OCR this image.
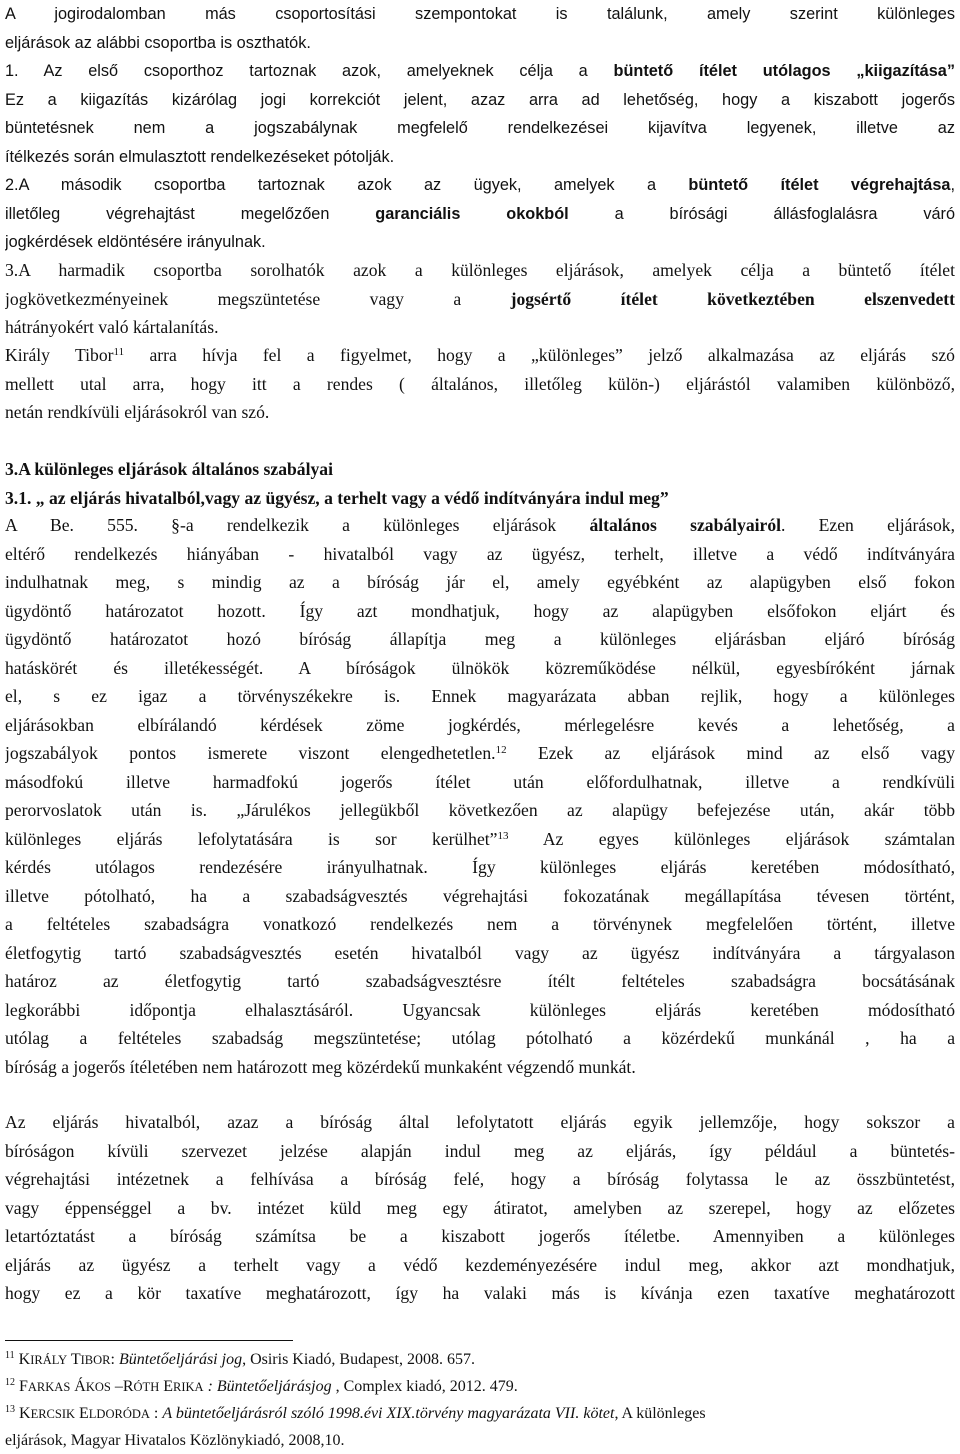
A jogirodalomban más csoportosítási szempontokat is találunk, amely szerint különleges
eljárások az alábbi csoportba is oszthatók.
1. Az első csoporthoz tartoznak azok, amelyeknek célja a büntető ítélet utólagos „kiigazítása”
Ez a kiigazítás kizárólag jogi korrekciót jelent, azaz arra ad lehetőség, hogy a kiszabott jogerős
büntetésnek nem a jogszabálynak megfelelő rendelkezései kijavítva legyenek, illetve az
ítélkezés során elmulasztott rendelkezéseket pótolják.
2.A második csoportba tartoznak azok az ügyek, amelyek a büntető ítélet végrehajtása,
illetőleg végrehajtást megelőzően garanciális okokból a bírósági állásfoglalásra váró
jogkérdések eldöntésére irányulnak.
3.A harmadik csoportba sorolhatók azok a különleges eljárások, amelyek célja a büntető ítélet
jogkövetkezményeinek megszüntetése vagy a jogsértő ítélet következtében elszenvedett
hátrányokért való kártalanítás.
Király Tibor$^{11}$ arra hívja fel a figyelmet, hogy a „különleges” jelző alkalmazása az eljárás szó
mellett utal arra, hogy itt a rendes ( általános, illetőleg külön-) eljárástól valamiben különböző,
netán rendkívüli eljárásokról van szó.
3.A különleges eljárások általános szabályai
3.1. „ az eljárás hivatalból,vagy az ügyész, a terhelt vagy a védő indítványára indul meg”
A Be. 555. §-a rendelkezik a különleges eljárások általános szabályairól. Ezen eljárások,
eltérő rendelkezés hiányában - hivatalból vagy az ügyész, terhelt, illetve a védő indítványára
indulhatnak meg, s mindig az a bíróság jár el, amely egyébként az alapügyben első fokon
ügydöntő határozatot hozott. Így azt mondhatjuk, hogy az alapügyben elsőfokon eljárt és
ügydöntő határozatot hozó bíróság állapítja meg a különleges eljárásban eljáró bíróság
hatáskörét és illetékességét. A bíróságok ülnökök közreműködése nélkül, egyesbíróként járnak
el, s ez igaz a törvényszékekre is. Ennek magyarázata abban rejlik, hogy a különleges
eljárásokban elbírálandó kérdések zöme jogkérdés, mérlegelésre kevés a lehetőség, a
jogszabályok pontos ismerete viszont elengedhetetlen.$^{12}$ Ezek az eljárások mind az első vagy
másodfokú illetve harmadfokú jogerős ítélet után előfordulhatnak, illetve a rendkívüli
perorvoslatok után is. „Járulékos jellegükből következően az alapügy befejezése után, akár több
különleges eljárás lefolytatására is sor kerülhet”$^{13}$ Az egyes különleges eljárások számtalan
kérdés utólagos rendezésére irányulhatnak. Így különleges eljárás keretében módosítható,
illetve pótolható, ha a szabadságvesztés végrehajtási fokozatának megállapítása tévesen történt,
a feltételes szabadságra vonatkozó rendelkezés nem a törvénynek megfelelően történt, illetve
életfogytig tartó szabadságvesztés esetén hivatalból vagy az ügyész indítványára a tárgyalason
határoz az életfogytig tartó szabadságvesztésre ítélt feltételes szabadságra bocsátásának
legkorábbi időpontja elhalasztásáról. Ugyancsak különleges eljárás keretében módosítható
utólag a feltételes szabadság megszüntetése; utólag pótolható a közérdekű munkánál , ha a
bíróság a jogerős ítéletében nem határozott meg közérdekű munkaként végzendő munkát.
Az eljárás hivatalból, azaz a bíróság által lefolytatott eljárás egyik jellemzője, hogy sokszor a
bíróságon kívüli szervezet jelzése alapján indul meg az eljárás, így például a büntetés-
végrehajtási intézetnek a felhívása a bíróság felé, hogy a bíróság folytassa le az összbüntetést,
vagy éppenséggel a bv. intézet küld meg egy átiratot, amelyben az szerepel, hogy az előzetes
letartóztatást a bíróság számítsa be a kiszabott jogerős ítéletbe. Amennyiben a különleges
eljárás az ügyész a terhelt vagy a védő kezdeményezésére indul meg, akkor azt mondhatjuk,
hogy ez a kör taxatíve meghatározott, így ha valaki más is kívánja ezen taxatíve meghatározott
$^{11}$ KIRÁLY TIBOR: Büntetőeljárási jog, Osiris Kiadó, Budapest, 2008. 657.
$^{12}$ FARKAS ÁKOS –RÓTH ERIKA : Büntetőeljárásjog , Complex kiadó, 2012. 479.
$^{13}$ KERCSIK ELDORÓDA : A büntetőeljárásról szóló 1998.évi XIX.törvény magyarázata VII. kötet, A különleges
eljárások, Magyar Hivatalos Közlönykiadó, 2008,10.
